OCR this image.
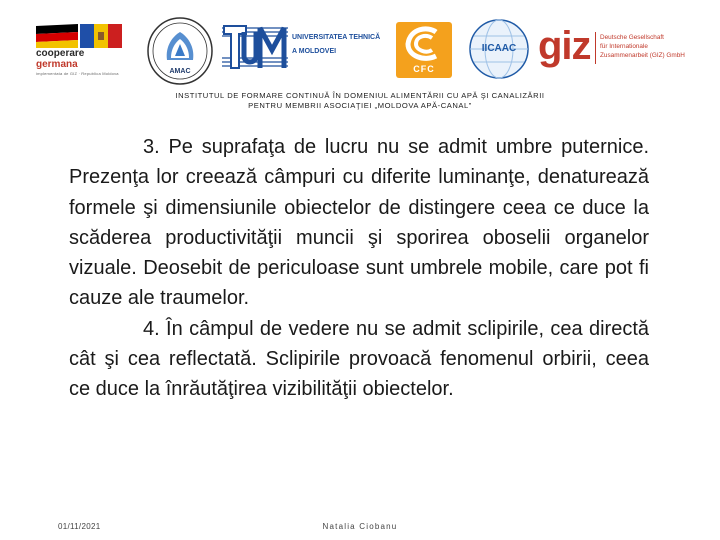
cooperare
germana
implementata de GIZ · Republica Moldova	AMAC
UNIVERSITATEA TEHNICĂ
A MOLDOVEI
CFC
IICAAC giz Deutsche Gesellschaft
für Internationale
Zusammenarbeit (GIZ) GmbH
INSTITUTUL DE FORMARE CONTINUĂ ÎN DOMENIUL ALIMENTĂRII CU APĂ ŞI CANALIZĂRII
PENTRU MEMBRII ASOCIAŢIEI „MOLDOVA APĂ-CANAL”

3. Pe suprafaţa de lucru nu se admit umbre puternice. Prezenţa lor creează câmpuri cu diferite luminanţe, denaturează formele şi dimensiunile obiectelor de distingere ceea ce duce la scăderea productivităţii muncii şi sporirea oboselii organelor vizuale. Deosebit de periculoase sunt umbrele mobile, care pot fi cauze ale traumelor.

4. În câmpul de vedere nu se admit sclipirile, cea directă cât şi cea reflectată. Sclipirile provoacă fenomenul orbirii, ceea ce duce la înrăutăţirea vizibilităţii obiectelor.

01/11/2021	Natalia Ciobanu
